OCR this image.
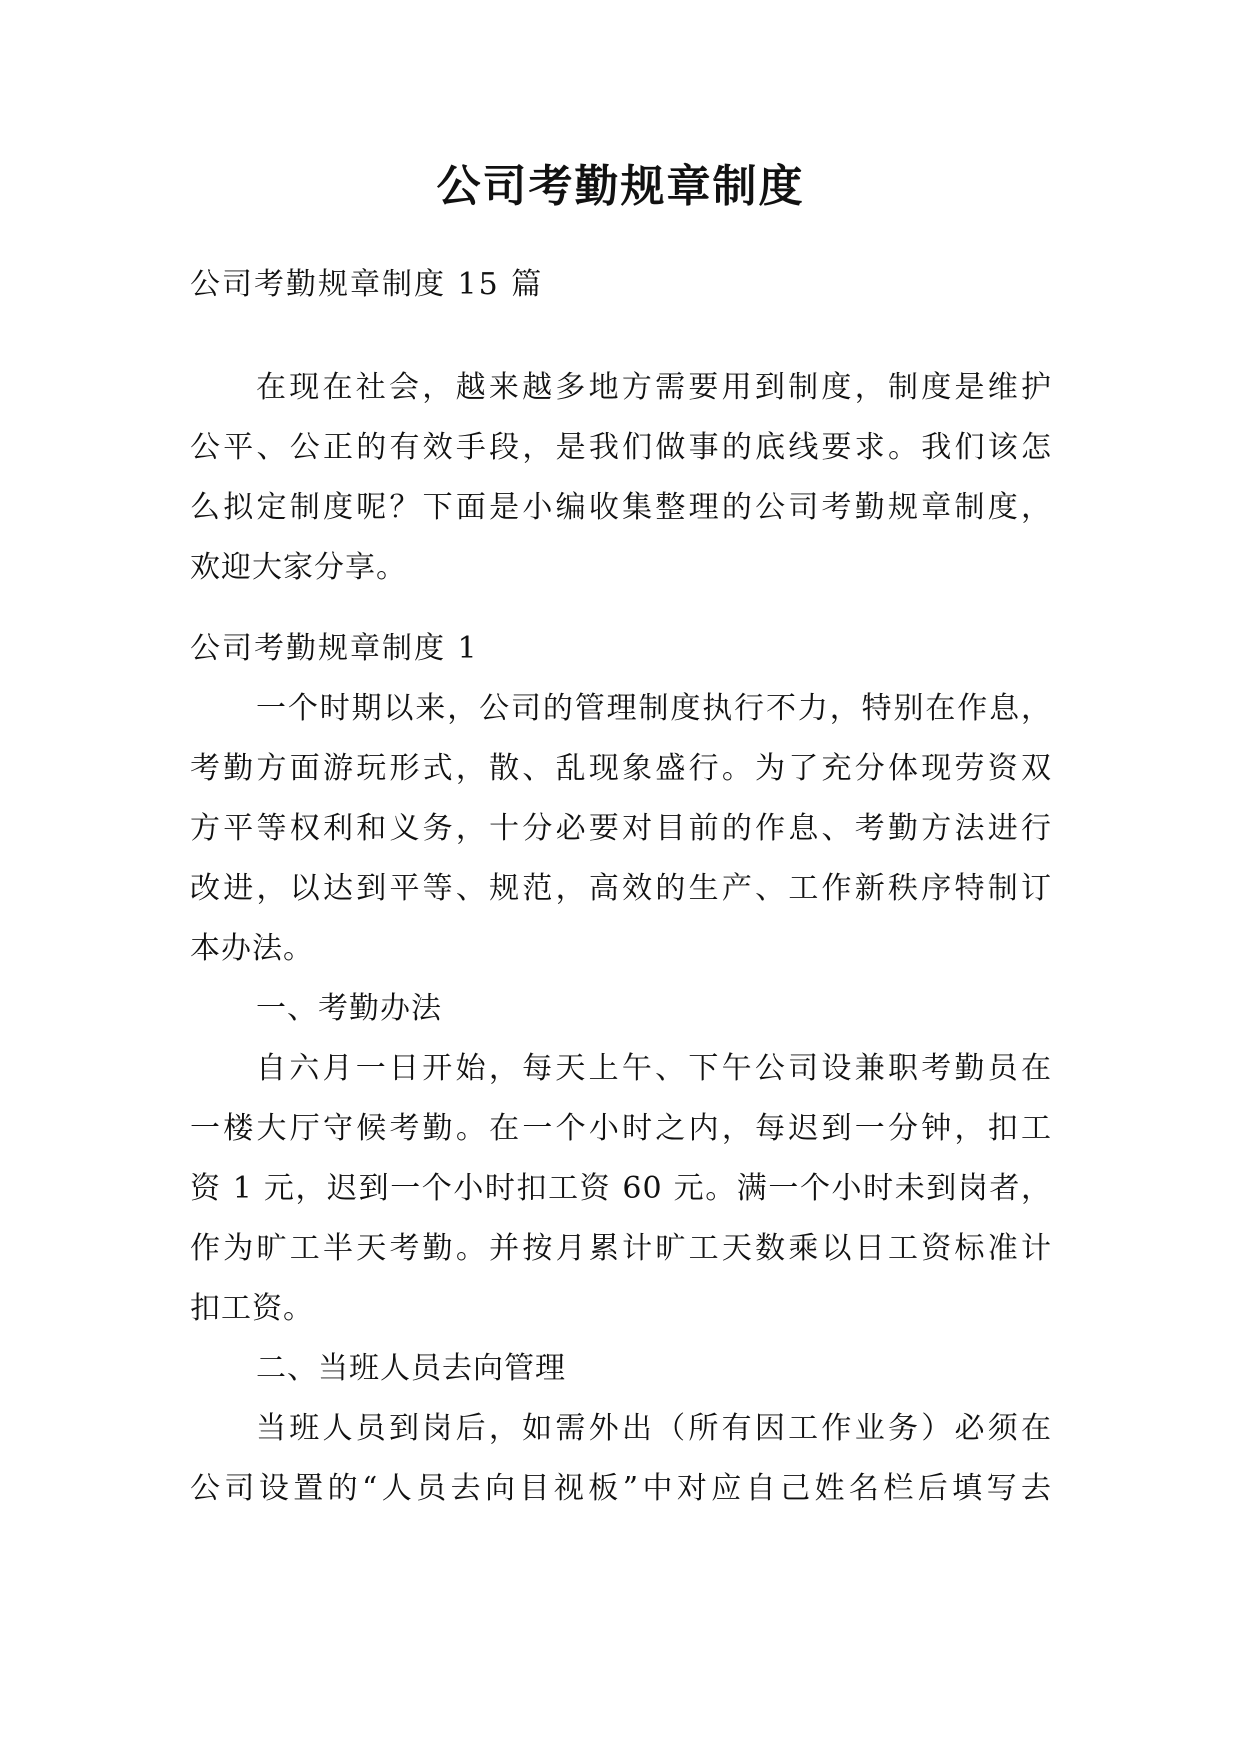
公司考勤规章制度
公司考勤规章制度 15 篇
在现在社会，越来越多地方需要用到制度，制度是维护
公平、公正的有效手段，是我们做事的底线要求。我们该怎
么拟定制度呢？下面是小编收集整理的公司考勤规章制度，
欢迎大家分享。
公司考勤规章制度 1
一个时期以来，公司的管理制度执行不力，特别在作息，
考勤方面游玩形式，散、乱现象盛行。为了充分体现劳资双
方平等权利和义务，十分必要对目前的作息、考勤方法进行
改进，以达到平等、规范，高效的生产、工作新秩序特制订
本办法。
一、考勤办法
自六月一日开始，每天上午、下午公司设兼职考勤员在
一楼大厅守候考勤。在一个小时之内，每迟到一分钟，扣工
资 1 元，迟到一个小时扣工资 60 元。满一个小时未到岗者，
作为旷工半天考勤。并按月累计旷工天数乘以日工资标准计
扣工资。
二、当班人员去向管理
当班人员到岗后，如需外出（所有因工作业务）必须在
公司设置的“人员去向目视板”中对应自己姓名栏后填写去
